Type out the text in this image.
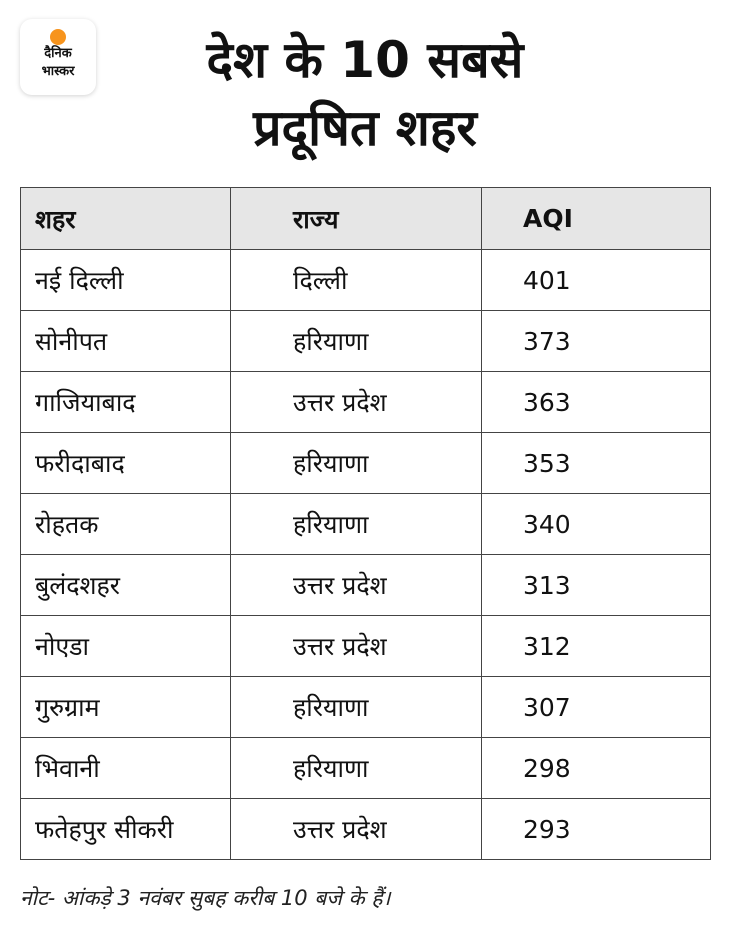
दैनिक
भास्कर	देश के 10 सबसे
प्रदूषित शहर
शहर	राज्य	AQI
नई दिल्ली	दिल्ली	401
सोनीपत	हरियाणा	373
गाजियाबाद	उत्तर प्रदेश	363
फरीदाबाद	हरियाणा	353
रोहतक	हरियाणा	340
बुलंदशहर	उत्तर प्रदेश	313
नोएडा	उत्तर प्रदेश	312
गुरुग्राम	हरियाणा	307
भिवानी	हरियाणा	298
फतेहपुर सीकरी	उत्तर प्रदेश	293

नोट- आंकड़े 3 नवंबर सुबह करीब 10 बजे के हैं।
